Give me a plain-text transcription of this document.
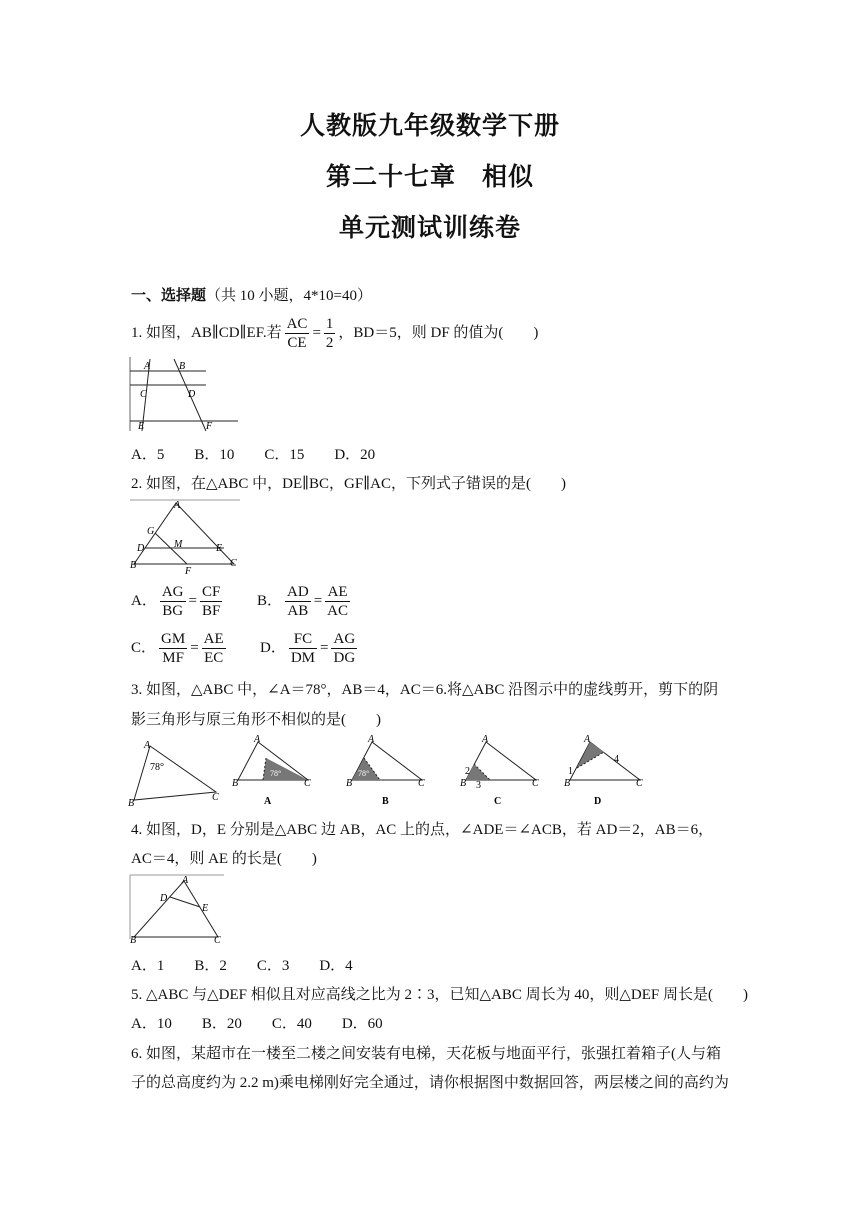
人教版九年级数学下册
第二十七章　相似
单元测试训练卷
一、选择题（共 10 小题，4*10=40）
1. 如图，AB∥CD∥EF.若 $\frac{AC}{CE} = \frac{1}{2}$ ，BD＝5，则 DF 的值为(　　)
A	B
C	D
E	F
A．5　　B．10　　C．15　　D．20
2. 如图，在△ABC 中，DE∥BC，GF∥AC，下列式子错误的是(　　)
A
G
D	M	E
B
F
C
A． $\frac{AG}{BG} = \frac{CF}{BF}$ B． $\frac{AD}{AB} = \frac{AE}{AC}$
C． $\frac{GM}{MF} = \frac{AE}{EC}$ D． $\frac{FC}{DM} = \frac{AG}{DG}$
3. 如图，△ABC 中，∠A＝78°，AB＝4，AC＝6.将△ABC 沿图示中的虚线剪开，剪下的阴
影三角形与原三角形不相似的是(　　)
A
B
C
78°
78°
A
B	C
A
78°
A
B	C
B
2
3
A
B	C
C
1
4
A
B	C
D
4. 如图，D，E 分别是△ABC 边 AB，AC 上的点，∠ADE＝∠ACB，若 AD＝2，AB＝6，
AC＝4，则 AE 的长是(　　)
A
D
E
B	C
A．1　　B．2　　C．3　　D．4
5. △ABC 与△DEF 相似且对应高线之比为 2∶3，已知△ABC 周长为 40，则△DEF 周长是(　　)
A．10　　B．20　　C．40　　D．60
6. 如图，某超市在一楼至二楼之间安装有电梯，天花板与地面平行，张强扛着箱子(人与箱
子的总高度约为 2.2 m)乘电梯刚好完全通过，请你根据图中数据回答，两层楼之间的高约为
